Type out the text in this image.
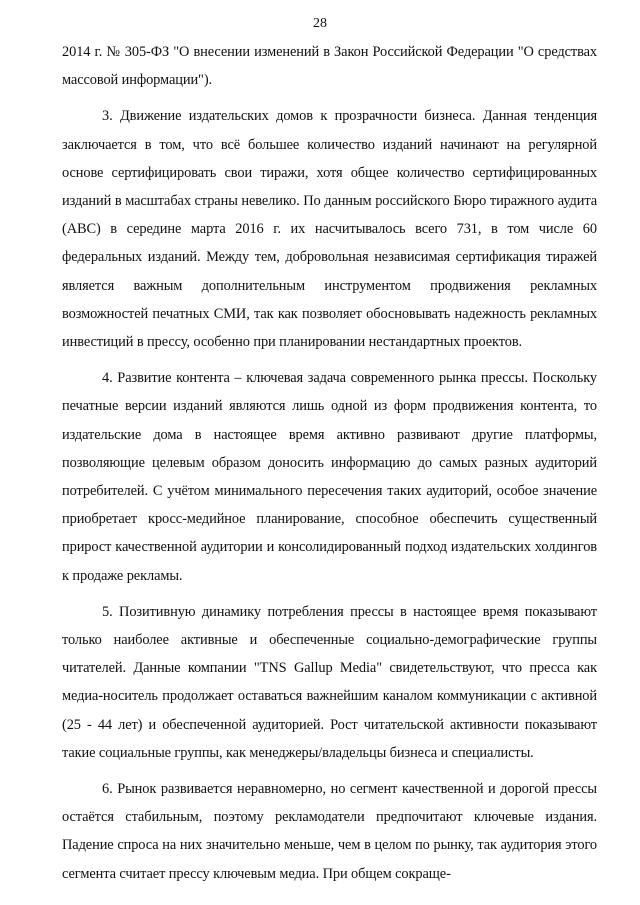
28

2014 г. № 305-ФЗ "О внесении изменений в Закон Российской Федерации "О средствах массовой информации").

3. Движение издательских домов к прозрачности бизнеса. Данная тенденция заключается в том, что всё большее количество изданий начинают на регулярной основе сертифицировать свои тиражи, хотя общее количество сертифицированных изданий в масштабах страны невелико. По данным российского Бюро тиражного аудита (ABC) в середине марта 2016 г. их насчитывалось всего 731, в том числе 60 федеральных изданий. Между тем, добровольная независимая сертификация тиражей является важным дополнительным инструментом продвижения рекламных возможностей печатных СМИ, так как позволяет обосновывать надежность рекламных инвестиций в прессу, особенно при планировании нестандартных проектов.

4. Развитие контента – ключевая задача современного рынка прессы. Поскольку печатные версии изданий являются лишь одной из форм продвижения контента, то издательские дома в настоящее время активно развивают другие платформы, позволяющие целевым образом доносить информацию до самых разных аудиторий потребителей. С учётом минимального пересечения таких аудиторий, особое значение приобретает кросс-медийное планирование, способное обеспечить существенный прирост качественной аудитории и консолидированный подход издательских холдингов к продаже рекламы.

5. Позитивную динамику потребления прессы в настоящее время показывают только наиболее активные и обеспеченные социально-демографические группы читателей. Данные компании "TNS Gallup Media" свидетельствуют, что пресса как медиа-носитель продолжает оставаться важнейшим каналом коммуникации с активной (25 - 44 лет) и обеспеченной аудиторией. Рост читательской активности показывают такие социальные группы, как менеджеры/владельцы бизнеса и специалисты.

6. Рынок развивается неравномерно, но сегмент качественной и дорогой прессы остаётся стабильным, поэтому рекламодатели предпочитают ключевые издания. Падение спроса на них значительно меньше, чем в целом по рынку, так аудитория этого сегмента считает прессу ключевым медиа. При общем сокраще-
